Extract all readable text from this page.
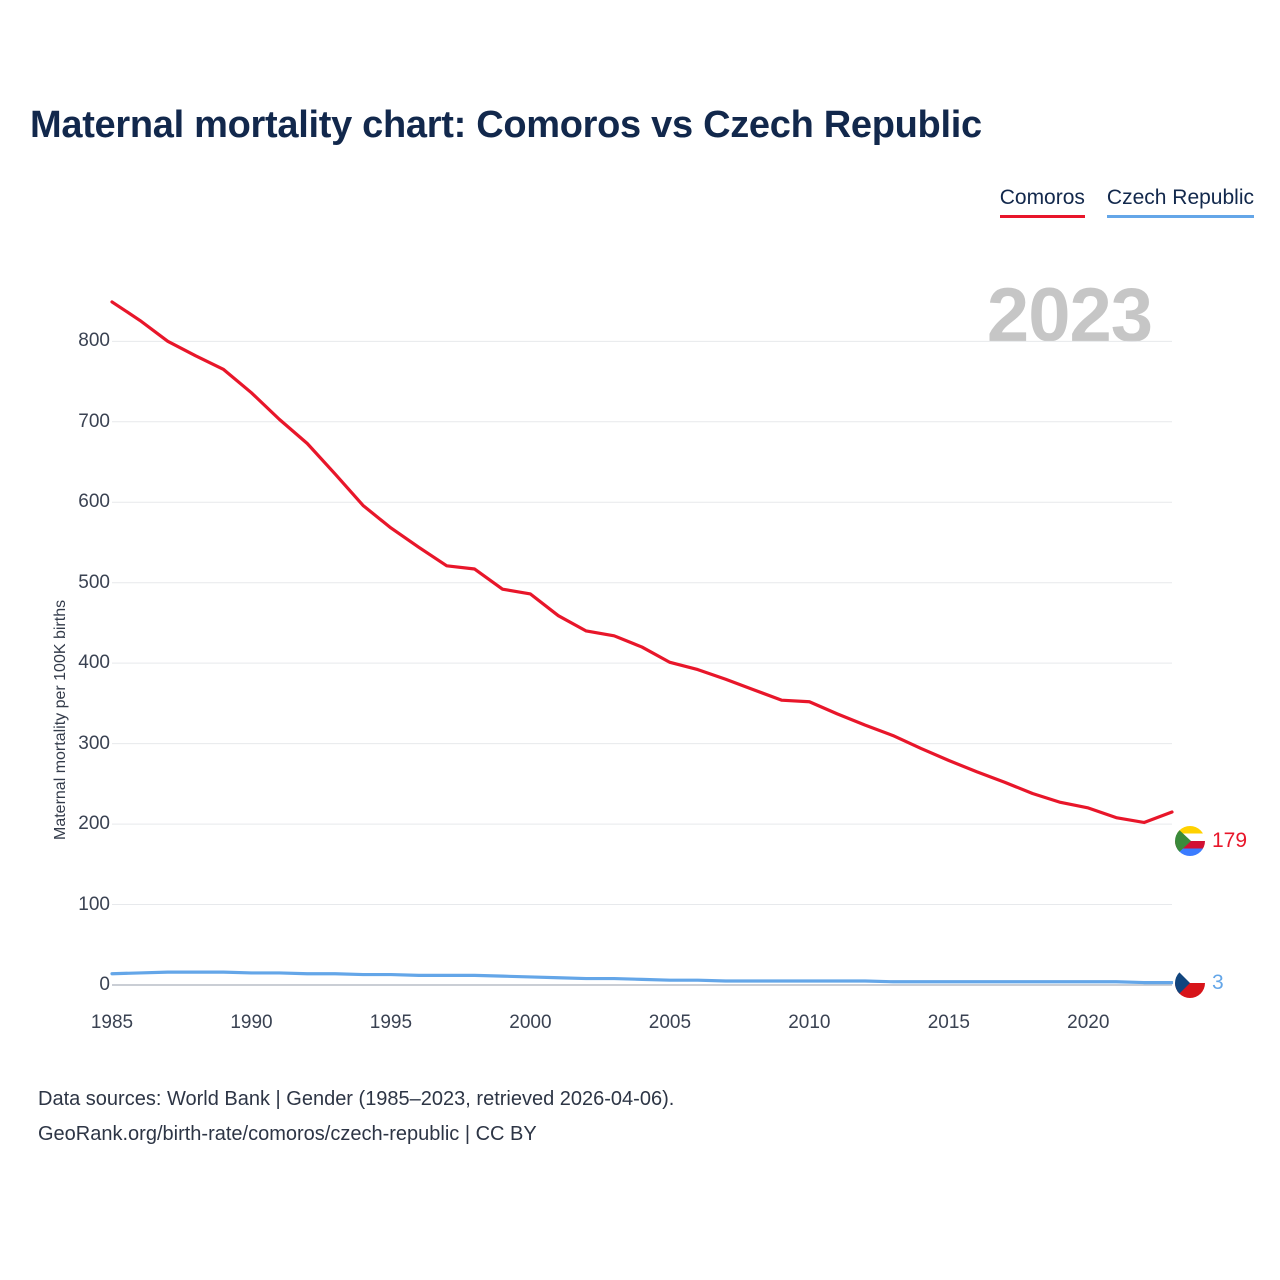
Maternal mortality chart: Comoros vs Czech Republic
Comoros Czech Republic
2023
Maternal mortality per 100K births
0
100
200
300
400
500
600
700
800
1985	1990	1995	2000	2005	2010	2015	2020
179
3
Data sources: World Bank | Gender (1985–2023, retrieved 2026-04-06).
GeoRank.org/birth-rate/comoros/czech-republic | CC BY
